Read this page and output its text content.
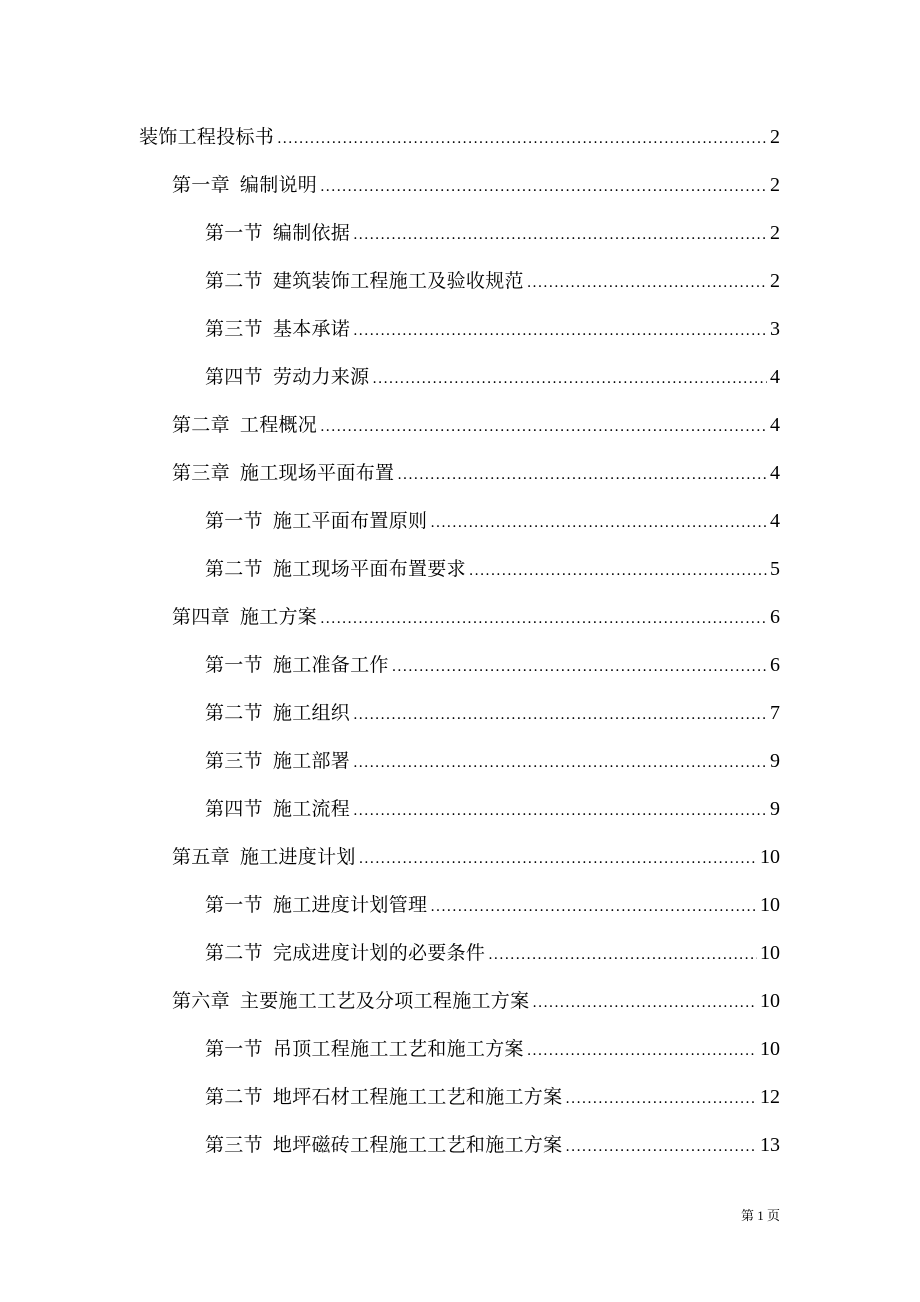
装饰工程投标书 .....	2
第一章 编制说明 .....	2
第一节 编制依据 .....	2
第二节 建筑装饰工程施工及验收规范 .....	2
第三节 基本承诺 .....	3
第四节 劳动力来源 .....	4
第二章 工程概况 .....	4
第三章 施工现场平面布置 .....	4
第一节 施工平面布置原则 .....	4
第二节 施工现场平面布置要求 .....	5
第四章 施工方案 .....	6
第一节 施工准备工作 .....	6
第二节 施工组织 .....	7
第三节 施工部署 .....	9
第四节 施工流程 .....	9
第五章 施工进度计划 .....	10
第一节 施工进度计划管理 .....	10
第二节 完成进度计划的必要条件 .....	10
第六章 主要施工工艺及分项工程施工方案 .....	10
第一节 吊顶工程施工工艺和施工方案 .....	10
第二节 地坪石材工程施工工艺和施工方案 .....	12
第三节 地坪磁砖工程施工工艺和施工方案 .....	13
第 1 页
